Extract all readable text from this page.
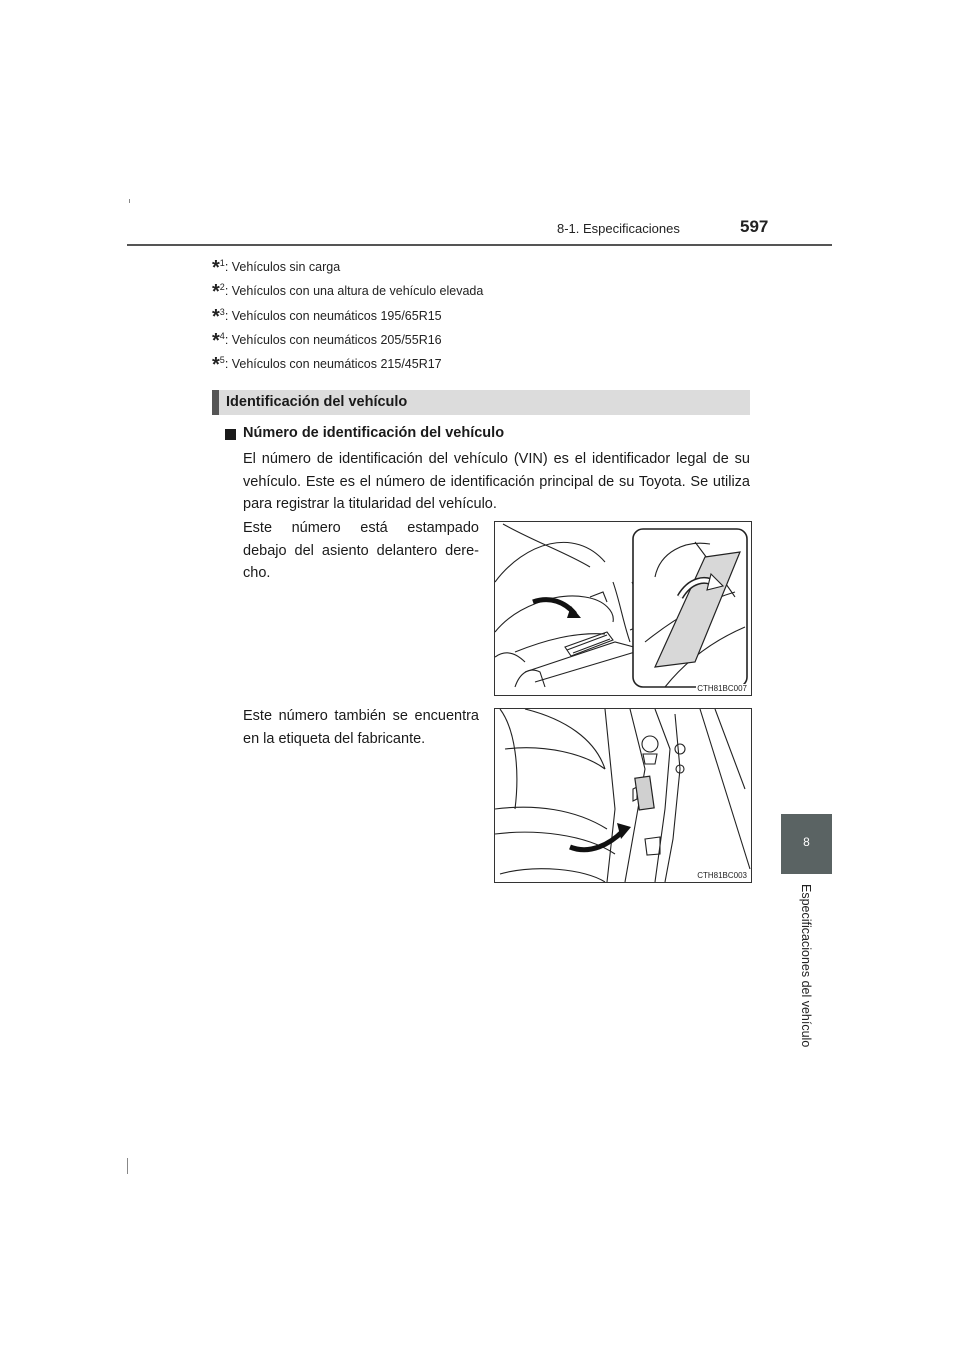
8-1. Especificaciones	597
*$^1$: Vehículos sin carga
*$^2$: Vehículos con una altura de vehículo elevada
*$^3$: Vehículos con neumáticos 195/65R15
*$^4$: Vehículos con neumáticos 205/55R16
*$^5$: Vehículos con neumáticos 215/45R17
Identificación del vehículo
Número de identificación del vehículo
El número de identificación del vehículo (VIN) es el identificador legal de su vehículo. Este es el número de identificación principal de su Toyota. Se utiliza para registrar la titularidad del vehículo.
Este número está estampado debajo del asiento delantero dere-cho.
Este número también se encuentra en la etiqueta del fabricante.
CTH81BC007
CTH81BC003
8
Especificaciones del vehículo
